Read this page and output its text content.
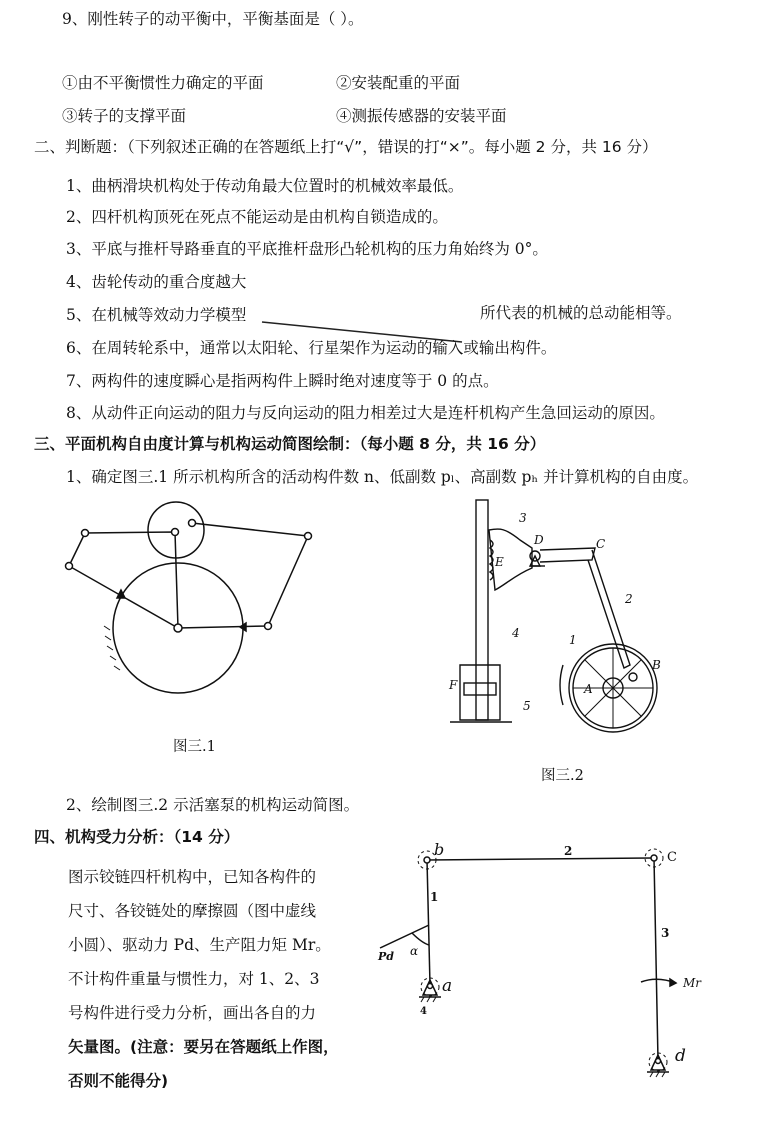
9、刚性转子的动平衡中，平衡基面是（ ）。
①由不平衡惯性力确定的平面	②安装配重的平面
③转子的支撑平面	④测振传感器的安装平面
二、判断题：（下列叙述正确的在答题纸上打“√”，错误的打“×”。每小题 2 分，共 16 分）
1、曲柄滑块机构处于传动角最大位置时的机械效率最低。
2、四杆机构顶死在死点不能运动是由机构自锁造成的。
3、平底与推杆导路垂直的平底推杆盘形凸轮机构的压力角始终为 0°。
4、齿轮传动的重合度越大
5、在机械等效动力学模型	所代表的机械的总动能相等。
6、在周转轮系中，通常以太阳轮、行星架作为运动的输入或输出构件。
7、两构件的速度瞬心是指两构件上瞬时绝对速度等于 0 的点。
8、从动件正向运动的阻力与反向运动的阻力相差过大是连杆机构产生急回运动的原因。
三、平面机构自由度计算与机构运动简图绘制：（每小题 8 分，共 16 分）
1、确定图三.1 所示机构所含的活动构件数 n、低副数 pₗ、高副数 pₕ 并计算机构的自由度。
图三.1
3
D	C
E
2
4	1
B
A
F
5
图三.2
2、绘制图三.2 示活塞泵的机构运动简图。
四、机构受力分析：（14 分）
图示铰链四杆机构中，已知各构件的
尺寸、各铰链处的摩擦圆（图中虚线
小圆）、驱动力 Pd、生产阻力矩 Mr。
不计构件重量与惯性力，对 1、2、3
号构件进行受力分析，画出各自的力
矢量图。(注意：要另在答题纸上作图，
否则不能得分)
b	C
2
1
3
α
Pd
a
4
Mr
d
